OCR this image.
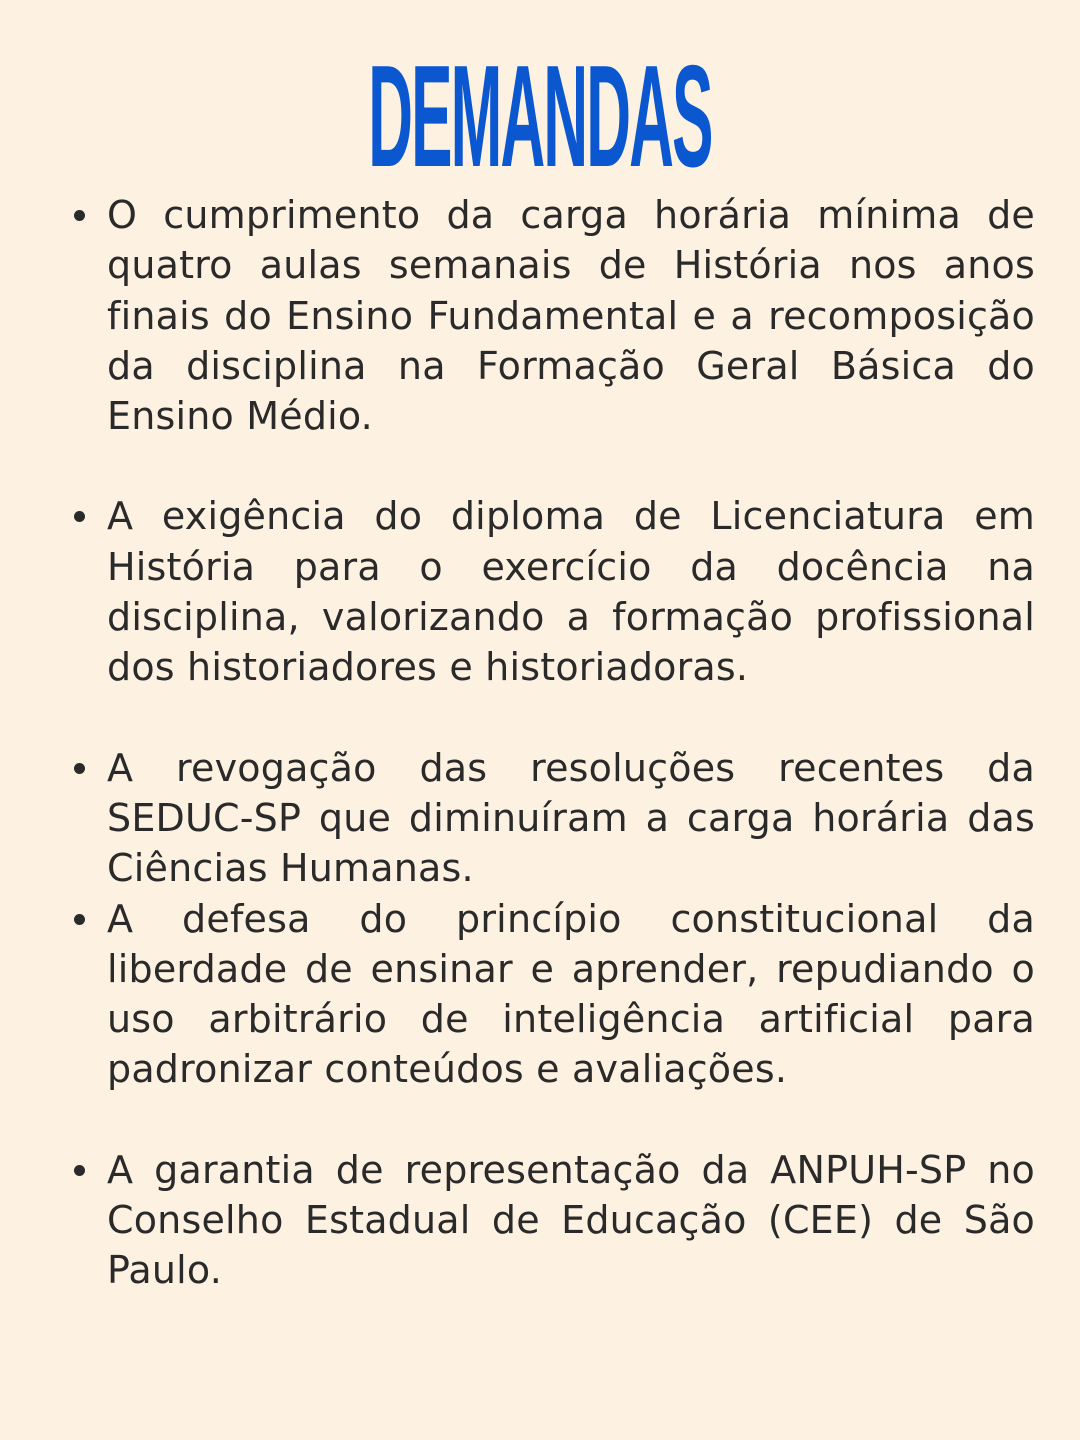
DEMANDAS
O cumprimento da carga horária mínima de quatro aulas semanais de História nos anos finais do Ensino Fundamental e a recomposição da disciplina na Formação Geral Básica do Ensino Médio.
A exigência do diploma de Licenciatura em História para o exercício da docência na disciplina, valorizando a formação profissional dos historiadores e historiadoras.
A revogação das resoluções recentes da SEDUC-SP que diminuíram a carga horária das Ciências Humanas.
A defesa do princípio constitucional da liberdade de ensinar e aprender, repudiando o uso arbitrário de inteligência artificial para padronizar conteúdos e avaliações.
A garantia de representação da ANPUH-SP no Conselho Estadual de Educação (CEE) de São Paulo.
